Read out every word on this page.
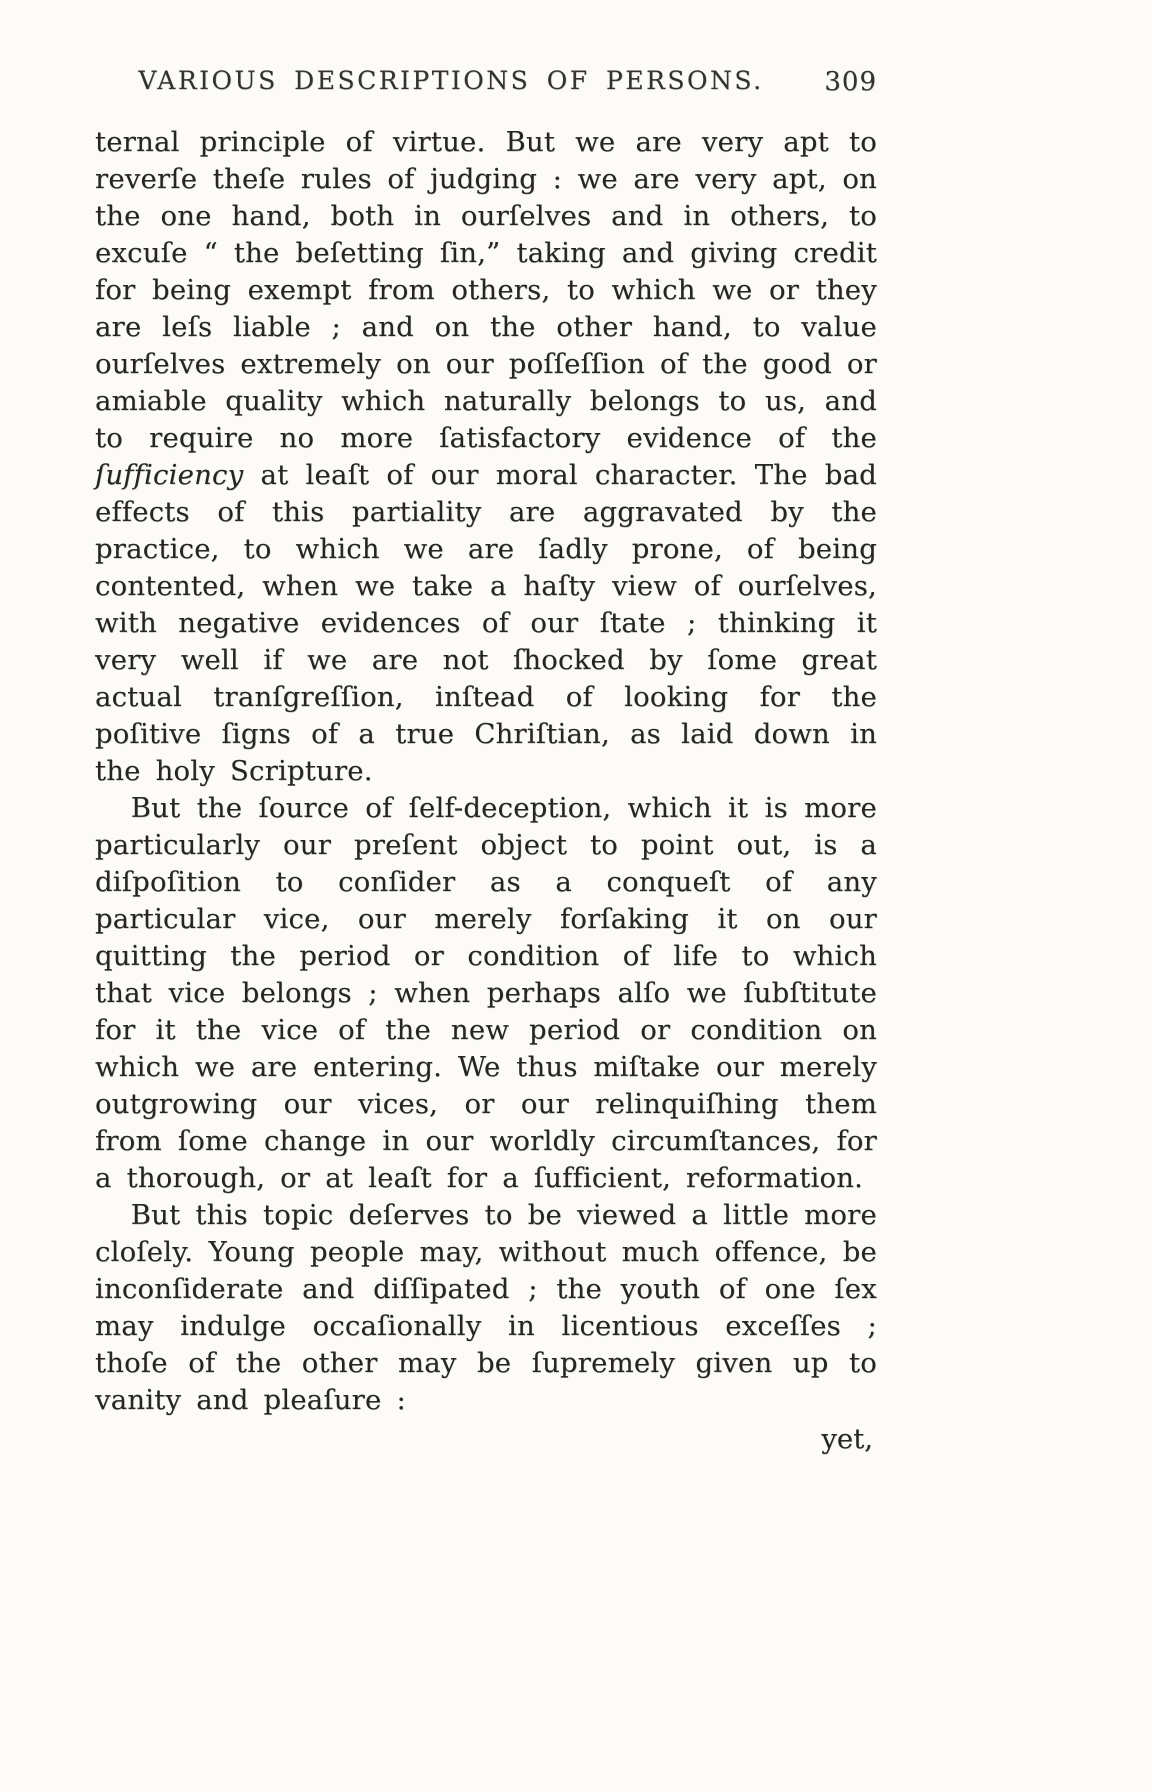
VARIOUS DESCRIPTIONS OF PERSONS.	309

ternal principle of virtue. But we are very apt to reverſe theſe rules of judging : we are very apt, on the one hand, both in ourſelves and in others, to excuſe “ the beſetting ſin,” taking and giving credit for being exempt from others, to which we or they are leſs liable ; and on the other hand, to value ourſelves extremely on our poſſeſſion of the good or amiable quality which naturally belongs to us, and to require no more ſatisfactory evidence of the ſufficiency at leaſt of our moral character. The bad effects of this partiality are aggravated by the practice, to which we are ſadly prone, of being contented, when we take a haſty view of ourſelves, with negative evidences of our ſtate ; thinking it very well if we are not ſhocked by ſome great actual tranſgreſſion, inſtead of looking for the poſitive ſigns of a true Chriſtian, as laid down in the holy Scripture.

But the ſource of ſelf-deception, which it is more particularly our preſent object to point out, is a diſpoſition to conſider as a conqueſt of any particular vice, our merely forſaking it on our quitting the period or condition of life to which that vice belongs ; when perhaps alſo we ſubſtitute for it the vice of the new period or condition on which we are entering. We thus miſtake our merely outgrowing our vices, or our relinquiſhing them from ſome change in our worldly circumſtances, for a thorough, or at leaſt for a ſufficient, reformation.

But this topic deſerves to be viewed a little more cloſely. Young people may, without much offence, be inconſiderate and diſſipated ; the youth of one ſex may indulge occaſionally in licentious exceſſes ; thoſe of the other may be ſupremely given up to vanity and pleaſure :

yet,
